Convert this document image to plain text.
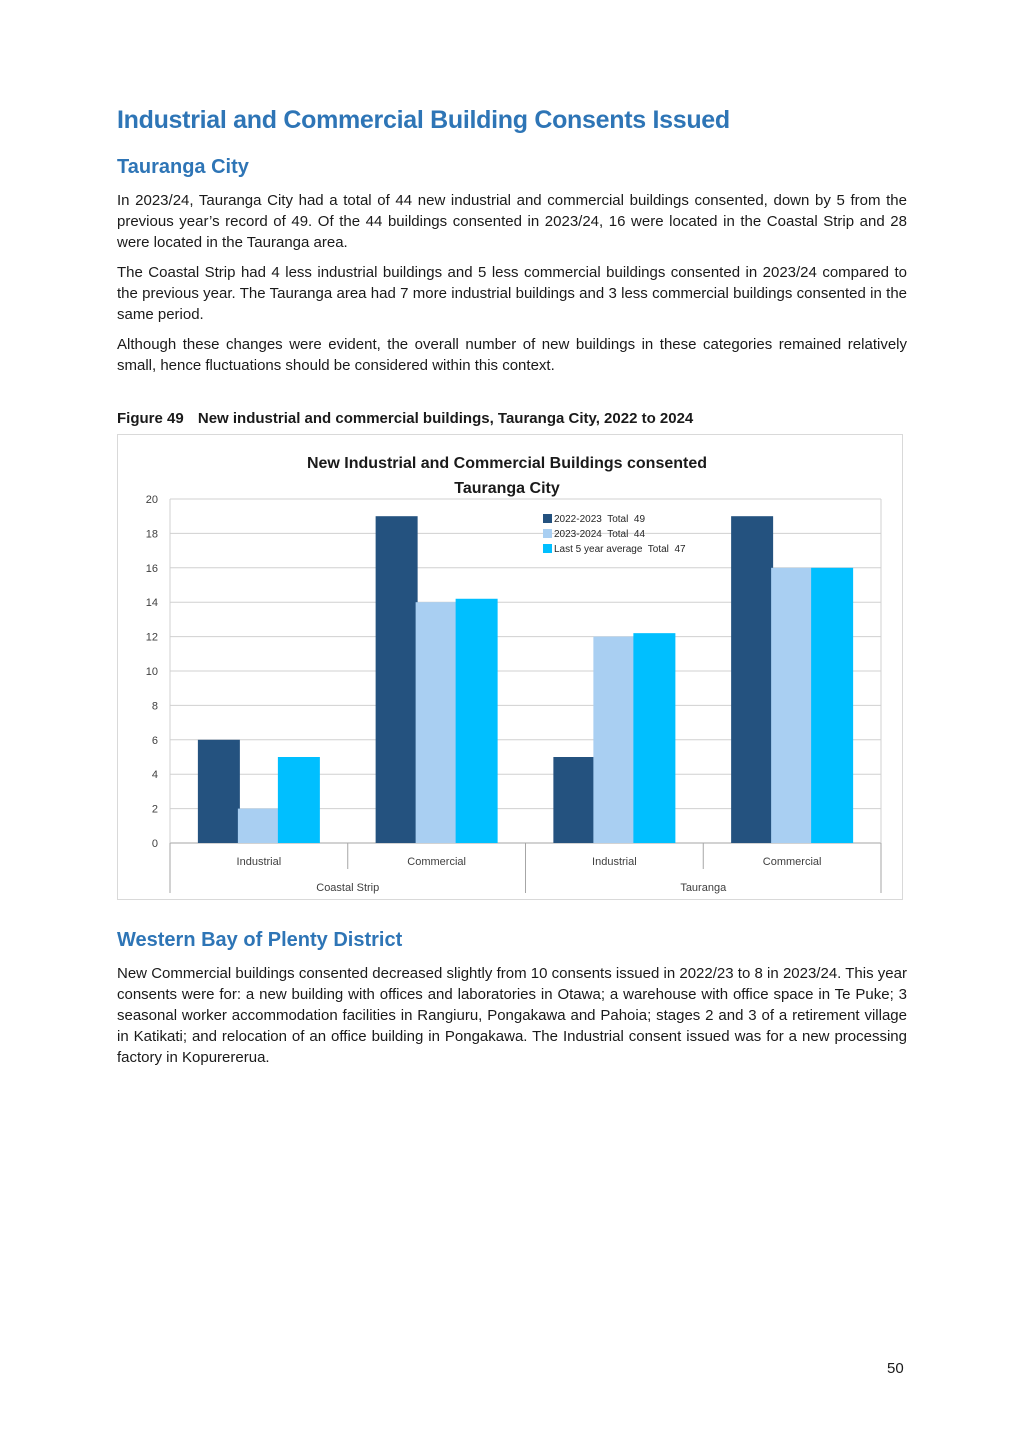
Industrial and Commercial Building Consents Issued
Tauranga City

In 2023/24, Tauranga City had a total of 44 new industrial and commercial buildings consented, down by 5 from the previous year’s record of 49. Of the 44 buildings consented in 2023/24, 16 were located in the Coastal Strip and 28 were located in the Tauranga area.

The Coastal Strip had 4 less industrial buildings and 5 less commercial buildings consented in 2023/24 compared to the previous year. The Tauranga area had 7 more industrial buildings and 3 less commercial buildings consented in the same period.

Although these changes were evident, the overall number of new buildings in these categories remained relatively small, hence fluctuations should be considered within this context.

Figure 49 New industrial and commercial buildings, Tauranga City, 2022 to 2024
Western Bay of Plenty District

New Commercial buildings consented decreased slightly from 10 consents issued in 2022/23 to 8 in 2023/24. This year consents were for: a new building with offices and laboratories in Otawa; a warehouse with office space in Te Puke; 3 seasonal worker accommodation facilities in Rangiuru, Pongakawa and Pahoia; stages 2 and 3 of a retirement village in Katikati; and relocation of an office building in Pongakawa. The Industrial consent issued was for a new processing factory in Kopurererua.

New Industrial and Commercial Buildings consented
Tauranga City
0
2
4
6
8
10
12
14
16
18
20
Industrial	Commercial	Industrial	Commercial
Coastal Strip	Tauranga
2022-2023  Total  49
2023-2024  Total  44
Last 5 year average  Total  47
50
